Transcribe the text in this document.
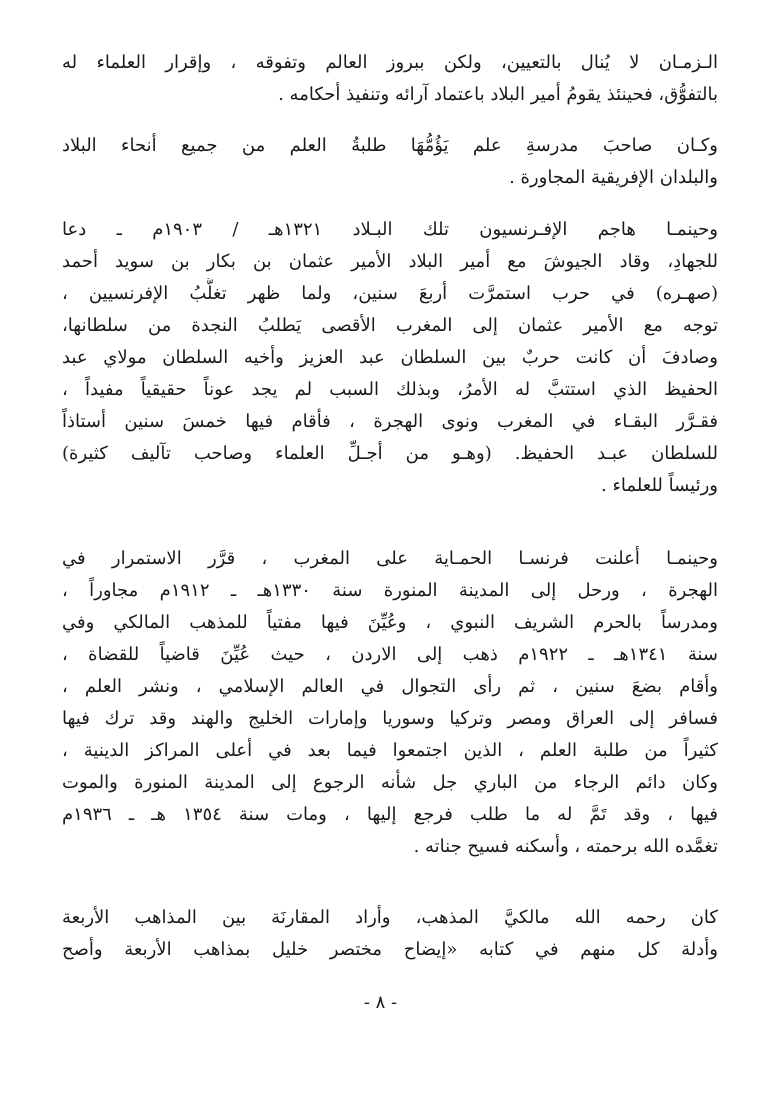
الـزمـان لا يُنال بالتعيين، ولكن ببروز العالم وتفوقه ، وإقرار العلماء له
بالتفوُّق، فحينئذ يقومُ أمير البلاد باعتماد آرائه وتنفيذ أحكامه .
وكـان صاحبَ مدرسةِ علم يَؤُمُّهَا طلبةُ العلم من جميع أنحاء البلاد
والبلدان الإفريقية المجاورة .
وحينمـا هاجم الإفـرنسيون تلك البـلاد ١٣٢١هـ / ١٩٠٣م ـ دعا
للجهادِ، وقاد الجيوشَ مع أمير البلاد الأمير عثمان بن بكار بن سويد أحمد
(صهـره) في حرب استمرَّت أربعَ سنين، ولما ظهر تغلُّبُ الإفرنسيين ،
توجه مع الأمير عثمان إلى المغرب الأقصى يَطلبُ النجدة من سلطانها،
وصادفَ أن كانت حربٌ بين السلطان عبد العزيز وأخيه السلطان مولاي عبد
الحفيظ الذي استتبَّ له الأمرُ، وبذلك السبب لم يجد عوناً حقيقياً مفيداً ،
فقـرَّر البقـاء في المغرب ونوى الهجرة ، فأقام فيها خمسَ سنين أستاذاً
للسلطان عبـد الحفيظ. (وهـو من أجـلِّ العلماء وصاحب تآليف كثيرة)
ورئيساً للعلماء .
وحينمـا أعلنت فرنسـا الحمـاية على المغرب ، قرَّر الاستمرار في
الهجرة ، ورحل إلى المدينة المنورة سنة ١٣٣٠هـ ـ ١٩١٢م مجاوراً ،
ومدرساً بالحرم الشريف النبوي ، وعُيِّنَ فيها مفتياً للمذهب المالكي وفي
سنة ١٣٤١هـ ـ ١٩٢٢م ذهب إلى الاردن ، حيث عُيِّنَ قاضياً للقضاة ،
وأقام بضعَ سنين ، ثم رأى التجوال في العالم الإسلامي ، ونشر العلم ،
فسافر إلى العراق ومصر وتركيا وسوريا وإمارات الخليج والهند وقد ترك فيها
كثيراً من طلبة العلم ، الذين اجتمعوا فيما بعد في أعلى المراكز الدينية ،
وكان دائم الرجاء من الباري جل شأنه الرجوع إلى المدينة المنورة والموت
فيها ، وقد تَمَّ له ما طلب فرجع إليها ، ومات سنة ١٣٥٤ هـ ـ ١٩٣٦م
تغمَّده الله برحمته ، وأسكنه فسيح جناته .
كان رحمه الله مالكيَّ المذهب، وأراد المقارنَة بين المذاهب الأربعة
وأدلة كل منهم في كتابه «إيضاح مختصر خليل بمذاهب الأربعة وأصح
- ٨ -
